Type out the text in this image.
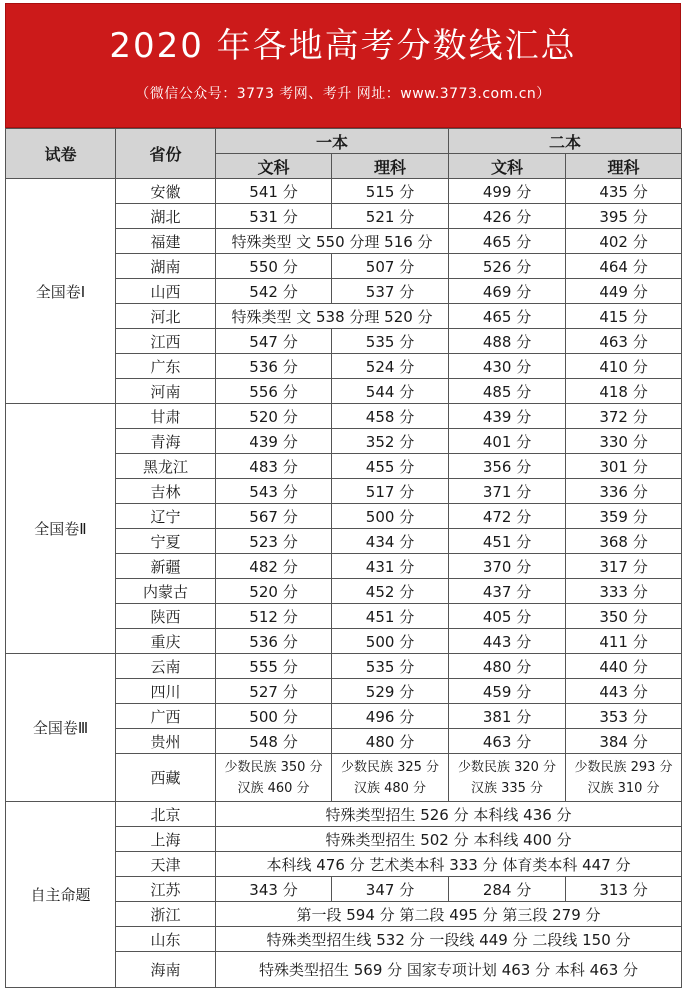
2020 年各地高考分数线汇总
（微信公众号：3773 考网、考升 网址：www.3773.com.cn）
试卷	省份	一本		二本	
		文科	理科	文科	理科
全国卷Ⅰ	安徽	541 分	515 分	499 分	435 分
	湖北	531 分	521 分	426 分	395 分
	福建	特殊类型 文 550 分理 516 分		465 分	402 分
	湖南	550 分	507 分	526 分	464 分
	山西	542 分	537 分	469 分	449 分
	河北	特殊类型 文 538 分理 520 分		465 分	415 分
	江西	547 分	535 分	488 分	463 分
	广东	536 分	524 分	430 分	410 分
	河南	556 分	544 分	485 分	418 分
全国卷Ⅱ	甘肃	520 分	458 分	439 分	372 分
	青海	439 分	352 分	401 分	330 分
	黑龙江	483 分	455 分	356 分	301 分
	吉林	543 分	517 分	371 分	336 分
	辽宁	567 分	500 分	472 分	359 分
	宁夏	523 分	434 分	451 分	368 分
	新疆	482 分	431 分	370 分	317 分
	内蒙古	520 分	452 分	437 分	333 分
	陕西	512 分	451 分	405 分	350 分
	重庆	536 分	500 分	443 分	411 分
全国卷Ⅲ	云南	555 分	535 分	480 分	440 分
	四川	527 分	529 分	459 分	443 分
	广西	500 分	496 分	381 分	353 分
	贵州	548 分	480 分	463 分	384 分
	西藏	少数民族 350 分
汉族 460 分	少数民族 325 分
汉族 480 分	少数民族 320 分
汉族 335 分	少数民族 293 分
汉族 310 分

自主命题	北京	特殊类型招生 526 分 本科线 436 分			
	上海	特殊类型招生 502 分 本科线 400 分			
	天津	本科线 476 分 艺术类本科 333 分 体育类本科 447 分			
	江苏	343 分	347 分	284 分	313 分
	浙江	第一段 594 分 第二段 495 分 第三段 279 分			
	山东	特殊类型招生线 532 分 一段线 449 分 二段线 150 分			
	海南	特殊类型招生 569 分 国家专项计划 463 分 本科 463 分			
